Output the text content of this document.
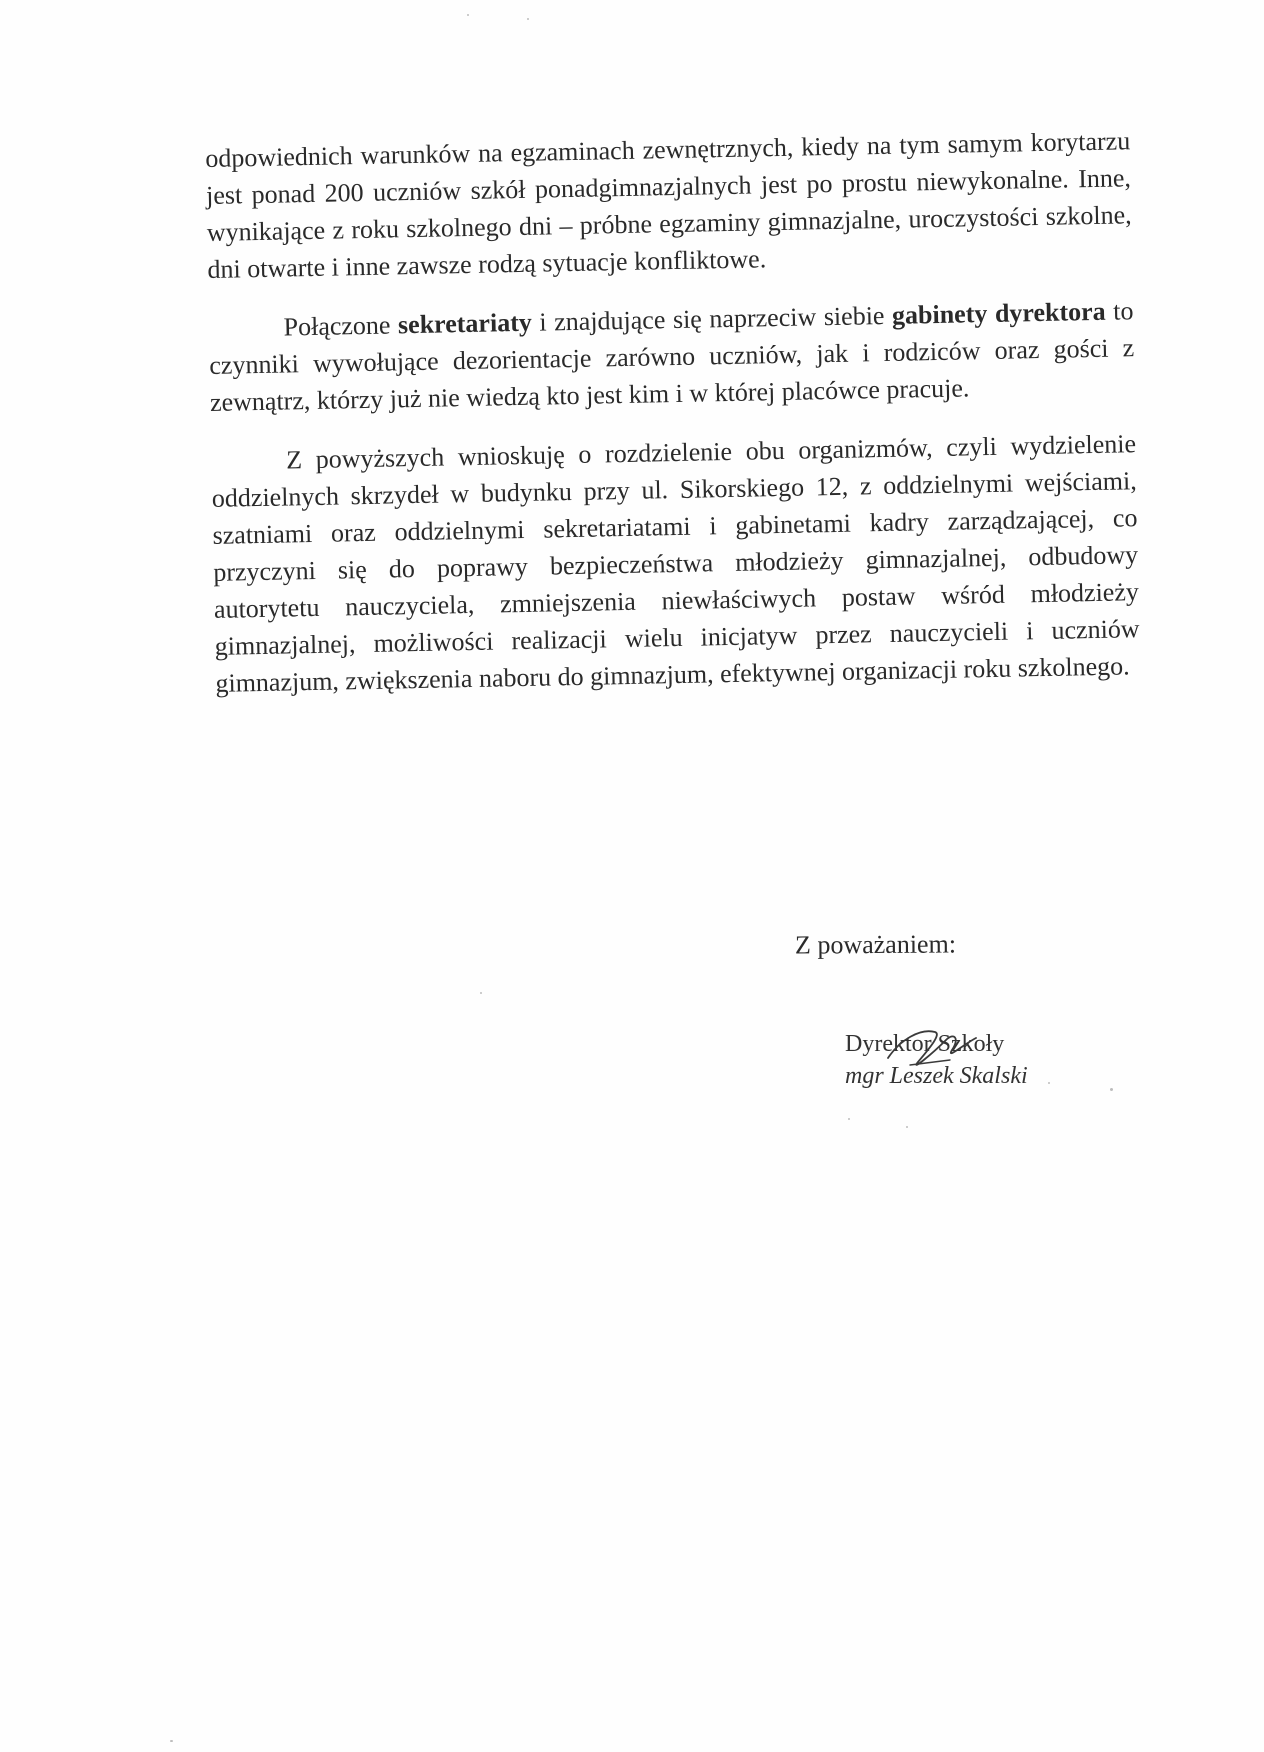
odpowiednich warunków na egzaminach zewnętrznych, kiedy na tym samym korytarzu jest ponad 200 uczniów szkół ponadgimnazjalnych jest po prostu niewykonalne. Inne, wynikające z roku szkolnego dni – próbne egzaminy gimnazjalne, uroczystości szkolne, dni otwarte i inne zawsze rodzą sytuacje konfliktowe.

Połączone sekretariaty i znajdujące się naprzeciw siebie gabinety dyrektora to czynniki wywołujące dezorientacje zarówno uczniów, jak i rodziców oraz gości z zewnątrz, którzy już nie wiedzą kto jest kim i w której placówce pracuje.

Z powyższych wnioskuję o rozdzielenie obu organizmów, czyli wydzielenie oddzielnych skrzydeł w budynku przy ul. Sikorskiego 12, z oddzielnymi wejściami, szatniami oraz oddzielnymi sekretariatami i gabinetami kadry zarządzającej, co przyczyni się do poprawy bezpieczeństwa młodzieży gimnazjalnej, odbudowy autorytetu nauczyciela, zmniejszenia niewłaściwych postaw wśród młodzieży gimnazjalnej, możliwości realizacji wielu inicjatyw przez nauczycieli i uczniów gimnazjum, zwiększenia naboru do gimnazjum, efektywnej organizacji roku szkolnego.

Z poważaniem:
Dyrektor Szkoły
mgr Leszek Skalski
